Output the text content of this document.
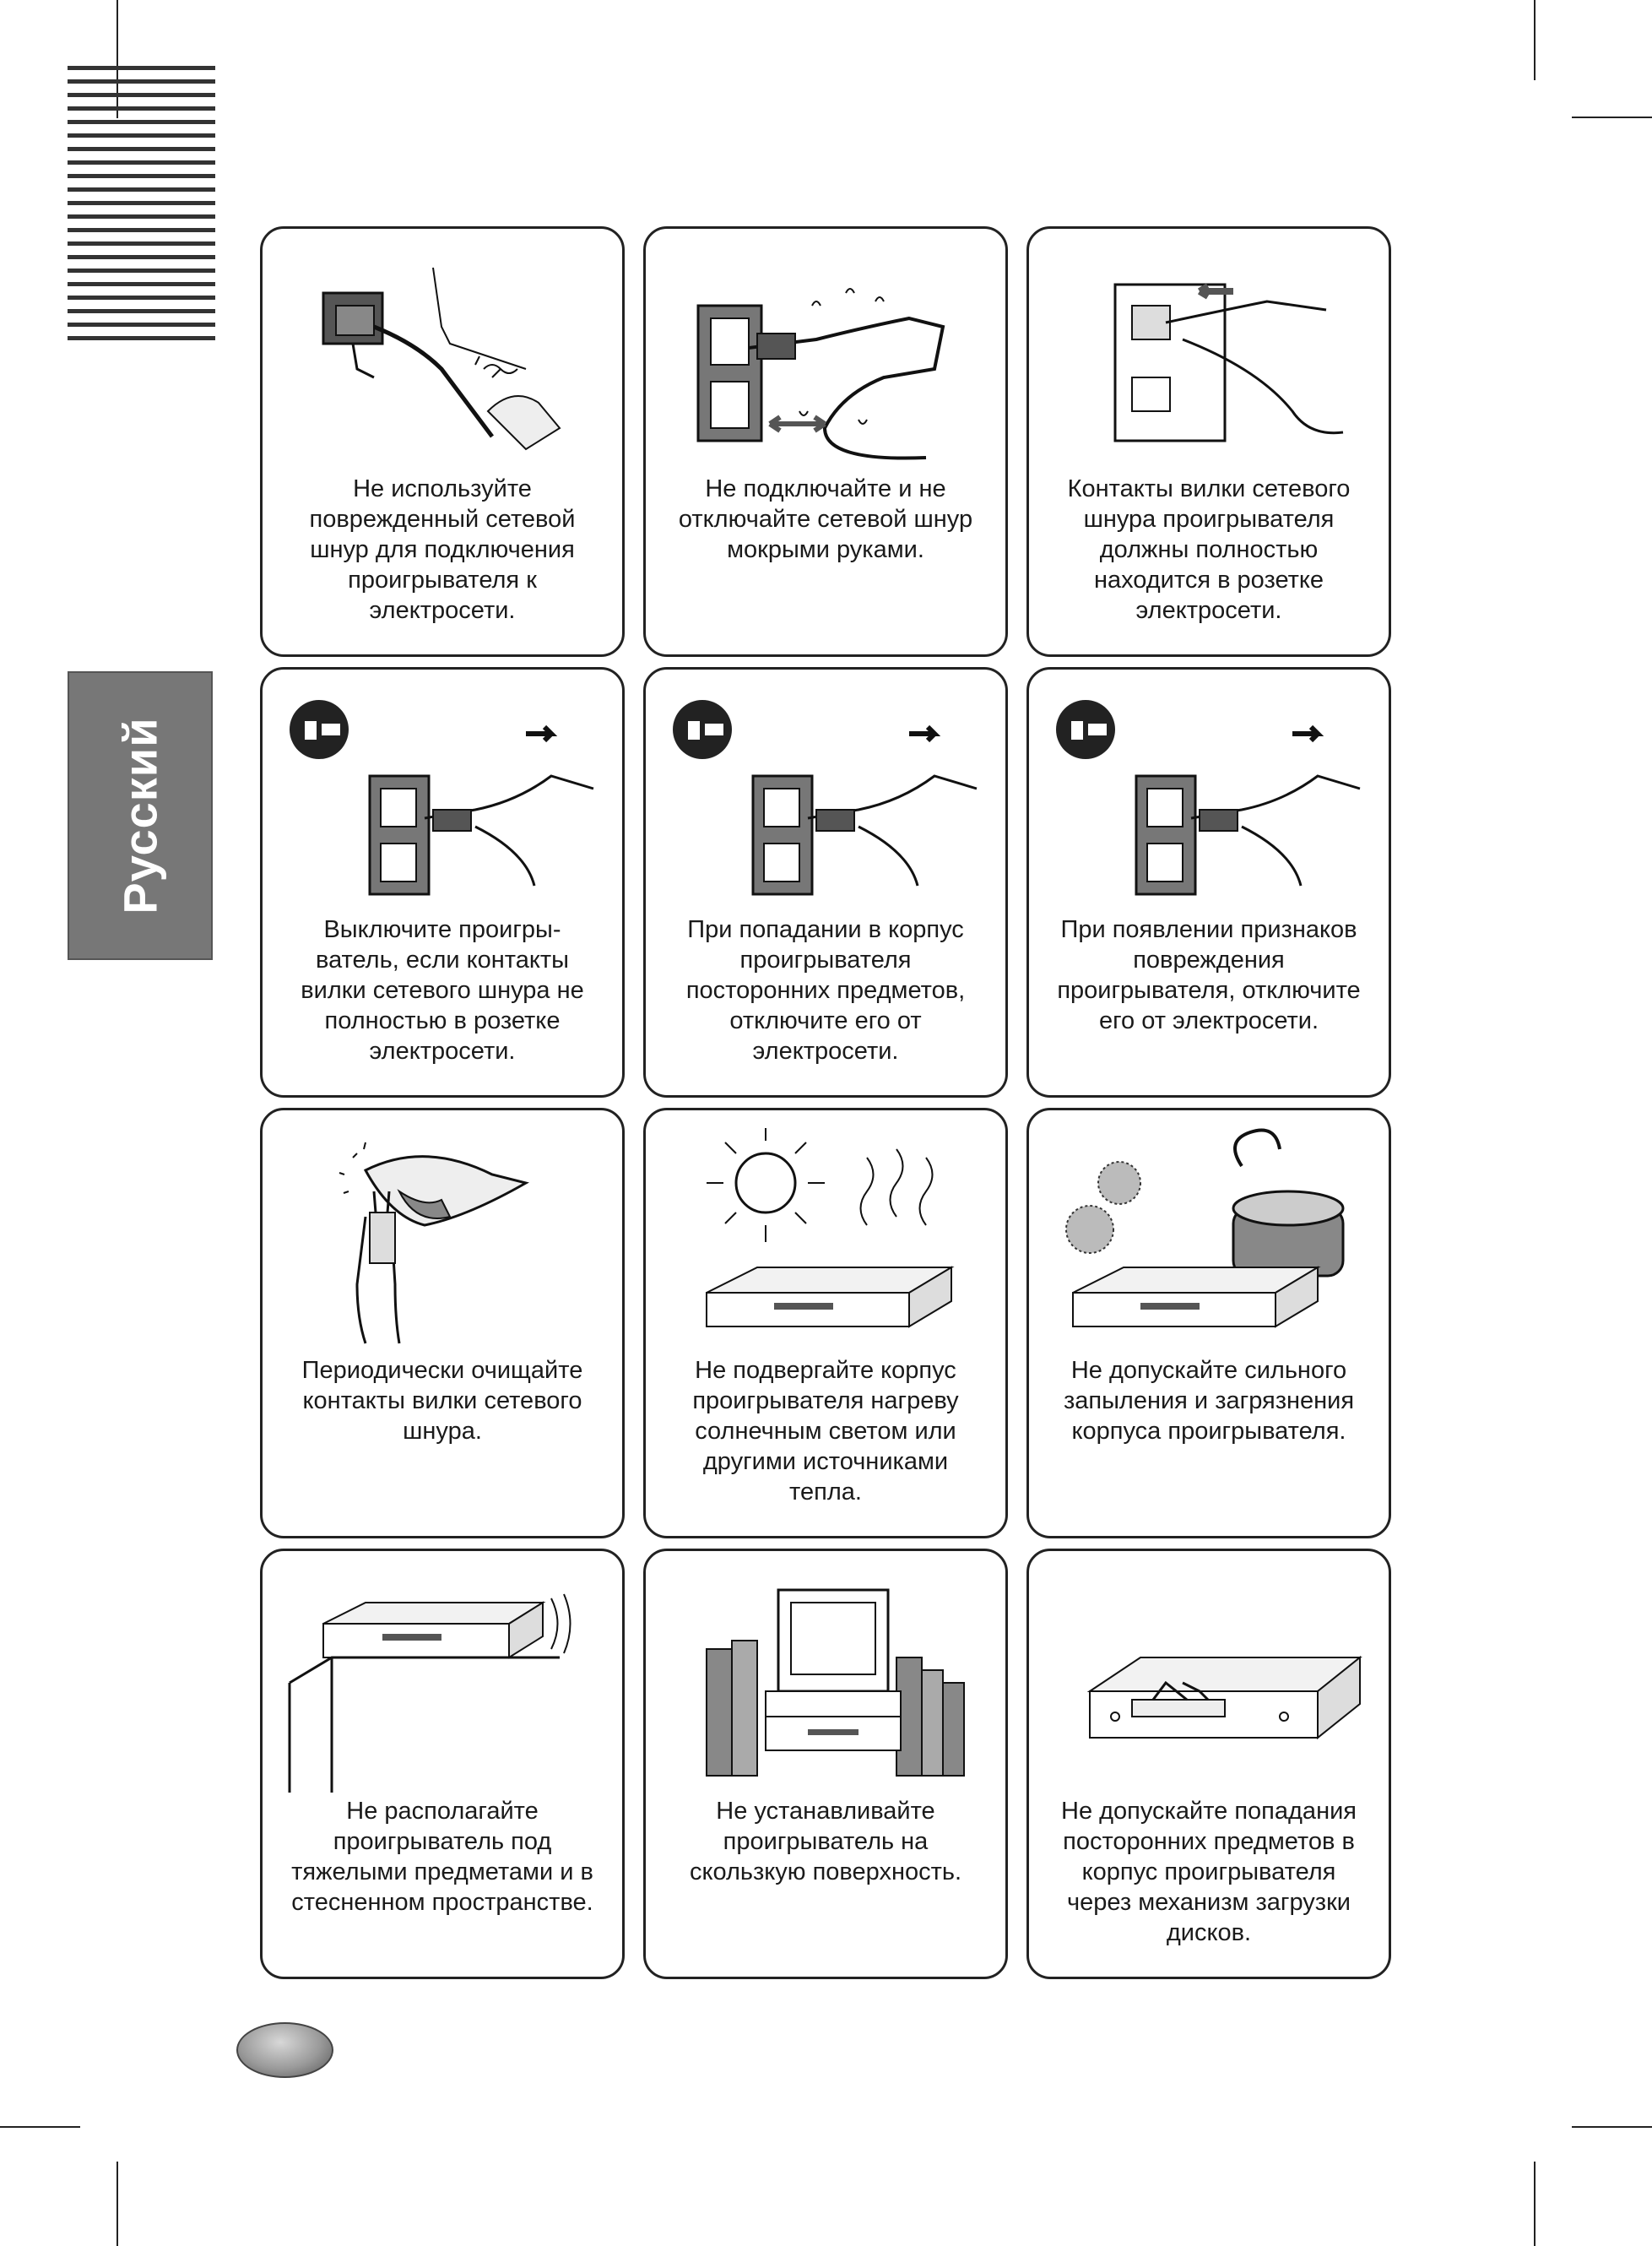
Русский
Не используйте
поврежденный сетевой
шнур для подключения
проигрывателя к
электросети.
Не подключайте и не
отключайте сетевой шнур
мокрыми руками.
Контакты вилки сетевого
шнура проигрывателя
должны полностью
находится в розетке
электросети.
Выключите проигры-
ватель, если контакты
вилки сетевого шнура не
полностью в розетке
электросети.
При попадании в корпус
проигрывателя
посторонних предметов,
отключите его от
электросети.
При появлении признаков
повреждения
проигрывателя, отключите
его от электросети.
Периодически очищайте
контакты вилки сетевого
шнура.
Не подвергайте корпус
проигрывателя нагреву
солнечным светом или
другими источниками
тепла.
Не допускайте сильного
запыления и загрязнения
корпуса проигрывателя.
Не располагайте
проигрыватель под
тяжелыми предметами и в
стесненном пространстве.
Не устанавливайте
проигрыватель на
скользкую поверхность.
Не допускайте попадания
посторонних предметов в
корпус проигрывателя
через механизм загрузки
дисков.
